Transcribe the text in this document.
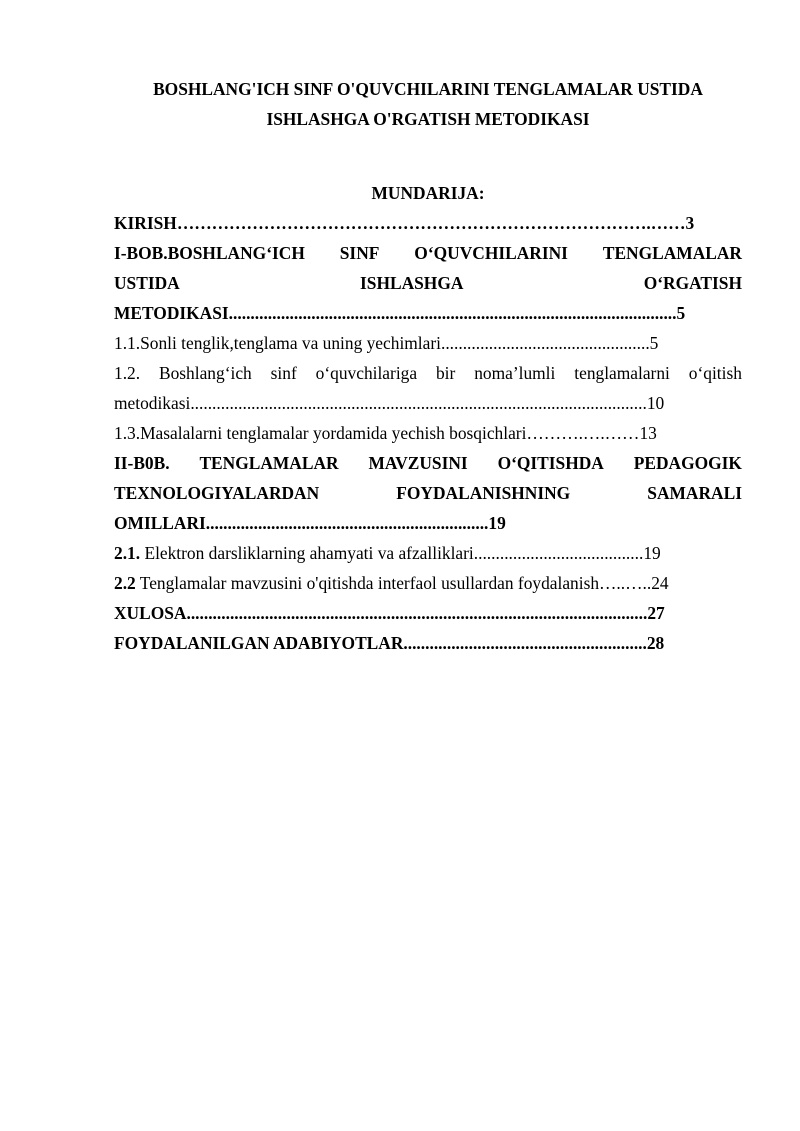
BOSHLANG'ICH SINF O'QUVCHILARINI TENGLAMALAR USTIDA
ISHLASHGA O'RGATISH METODIKASI
MUNDARIJA:
KIRISH……………………………………………………………………….……3
I-BOB.BOSHLANG‘ICH SINF O‘QUVCHILARINI TENGLAMALAR
USTIDA	ISHLASHGA	O‘RGATISH
METODIKASI.......................................................................................................5
1.1.Sonli tenglik,tenglama va uning yechimlari................................................5
1.2. Boshlang‘ich sinf o‘quvchilariga bir noma’lumli tenglamalarni o‘qitish
metodikasi.........................................................................................................10
1.3.Masalalarni tenglamalar yordamida yechish bosqichlari……….….……13
II-B0B. TENGLAMALAR MAVZUSINI O‘QITISHDA PEDAGOGIK
TEXNOLOGIYALARDAN	FOYDALANISHNING	SAMARALI
OMILLARI.................................................................19
2.1. Elektron darsliklarning ahamyati va afzalliklari.......................................19
2.2 Tenglamalar mavzusini o'qitishda interfaol usullardan foydalanish…..…..24
XULOSA..........................................................................................................27
FOYDALANILGAN ADABIYOTLAR........................................................28
